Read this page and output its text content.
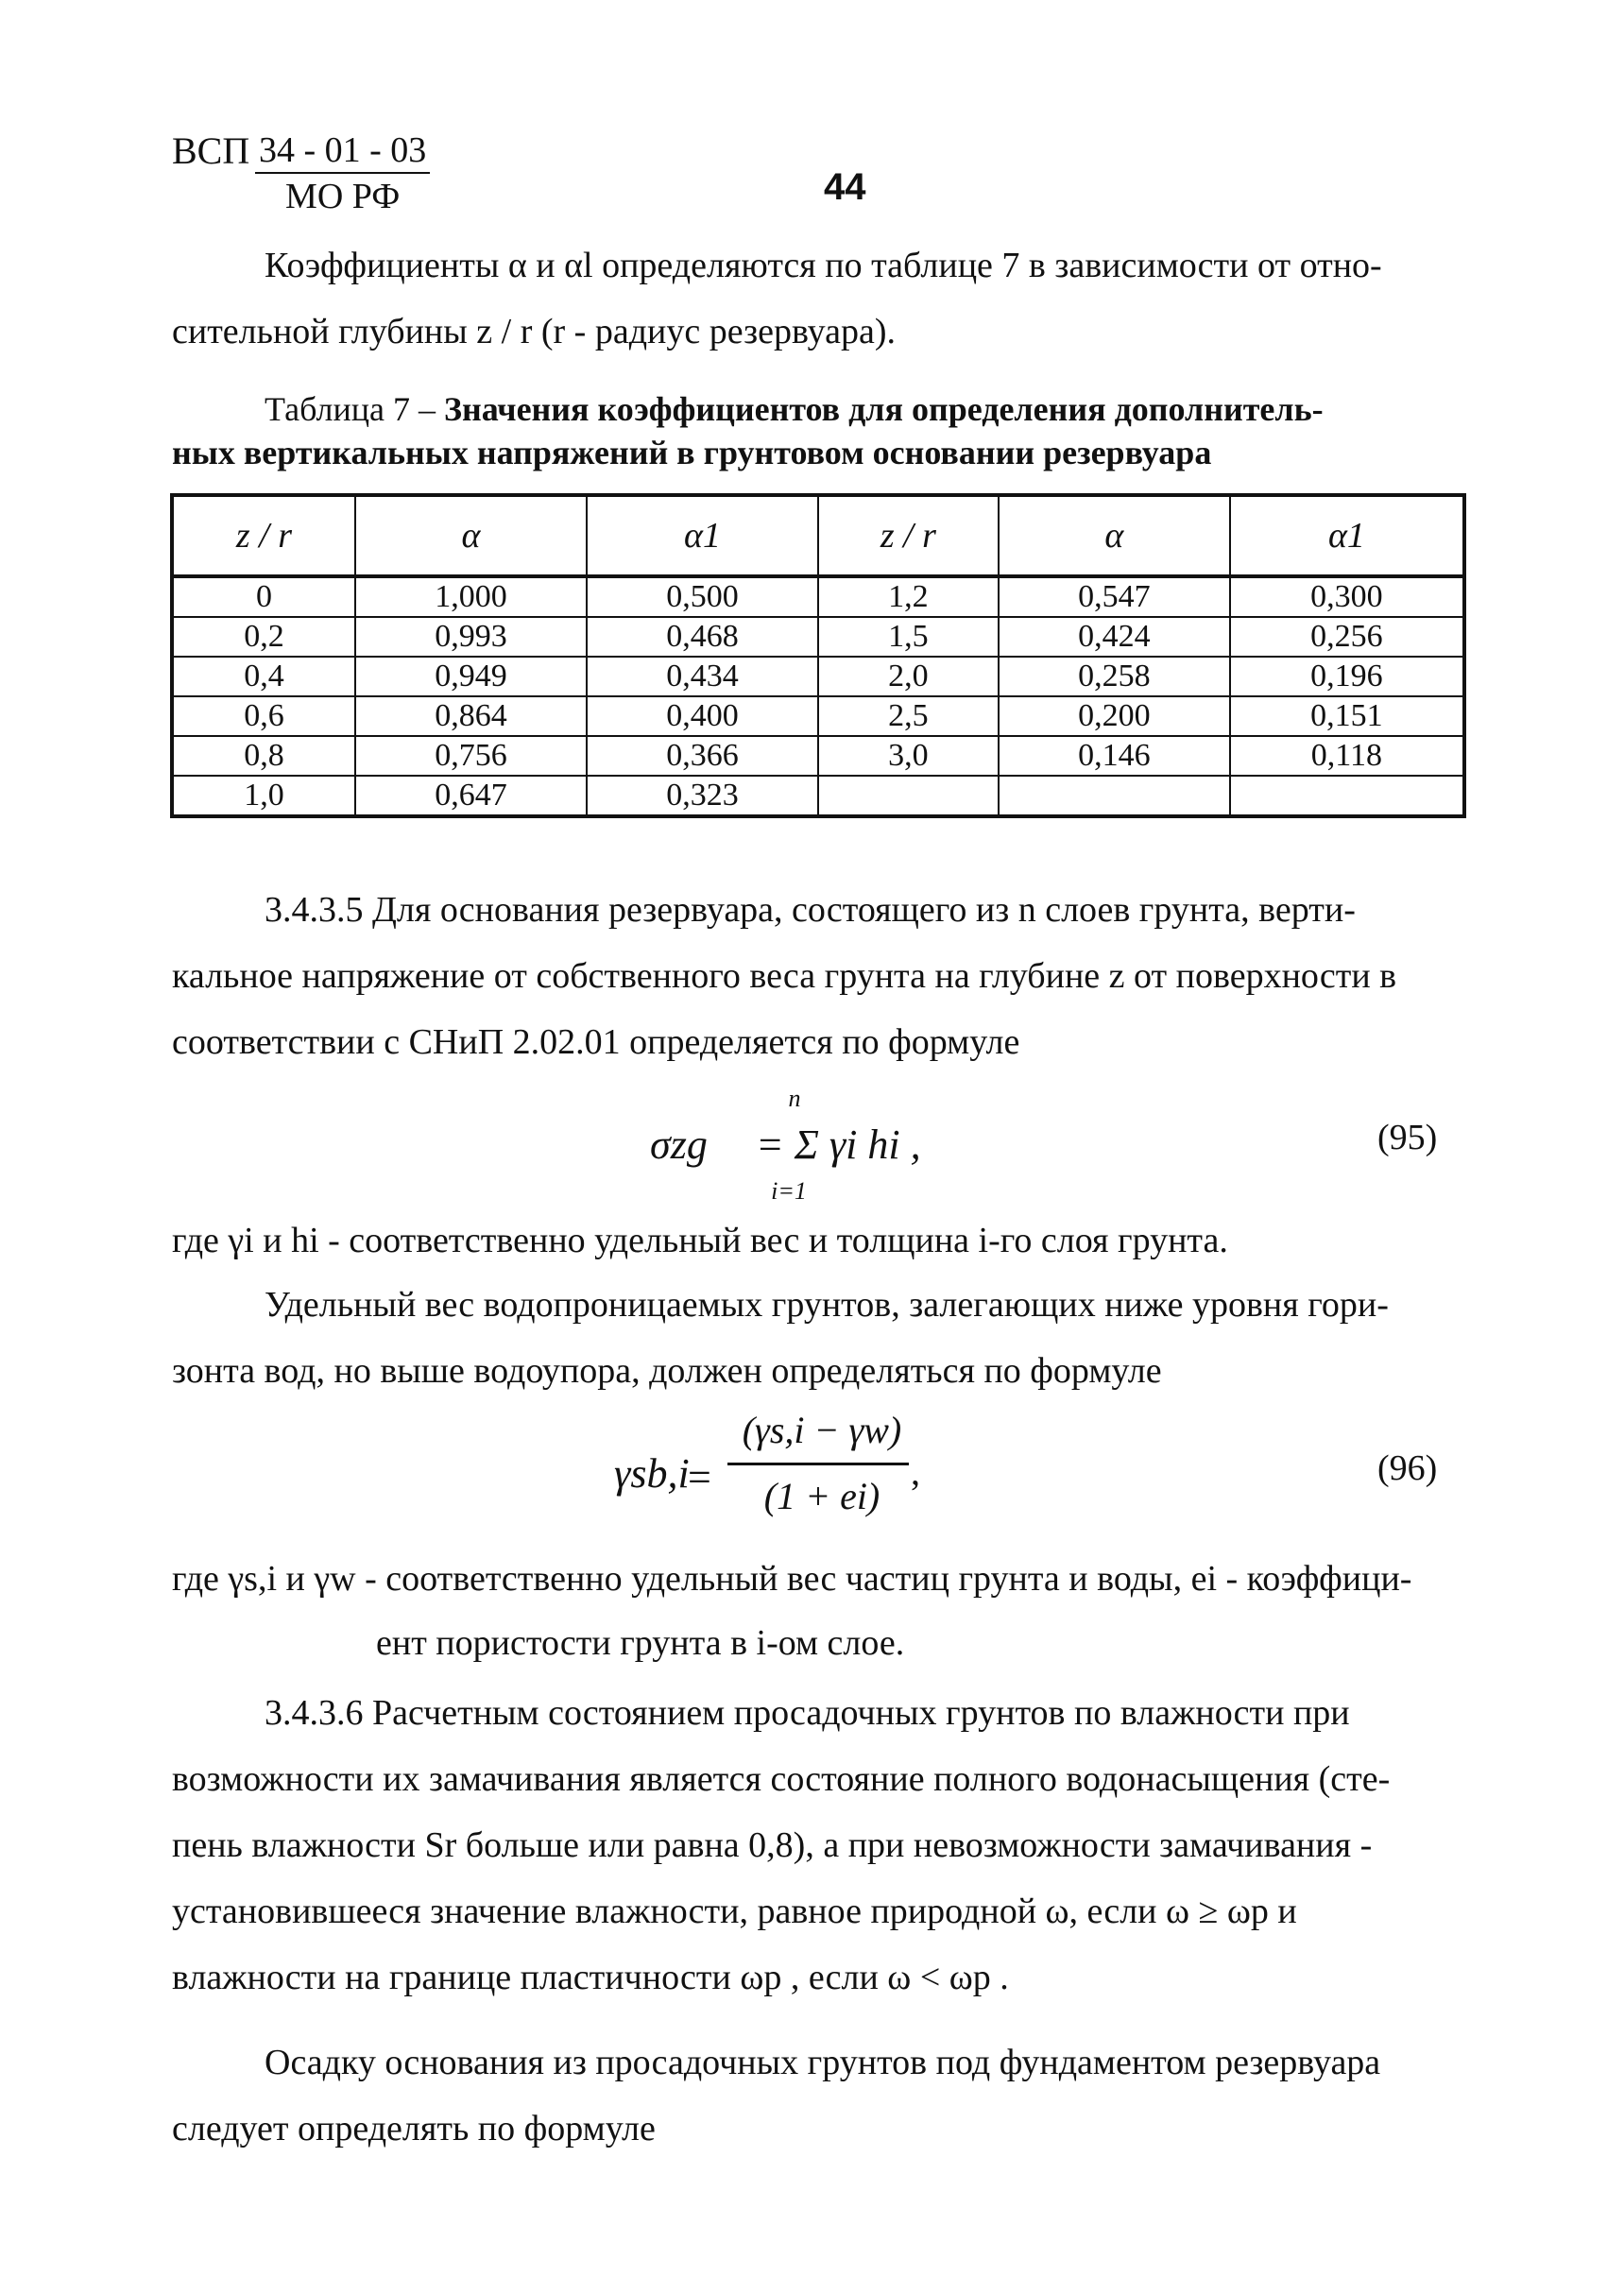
ВСП 34 - 01 - 03
МО РФ	44
Коэффициенты α и αl определяются по таблице 7 в зависимости от отно-
сительной глубины z / r (r - радиус резервуара).
Таблица 7 – Значения коэффициентов для определения дополнитель-
ных вертикальных напряжений в грунтовом основании резервуара
z / r	α	α1	z / r	α	α1
0	1,000	0,500	1,2	0,547	0,300
0,2	0,993	0,468	1,5	0,424	0,256
0,4	0,949	0,434	2,0	0,258	0,196
0,6	0,864	0,400	2,5	0,200	0,151
0,8	0,756	0,366	3,0	0,146	0,118
1,0	0,647	0,323			
3.4.3.5 Для основания резервуара, состоящего из n слоев грунта, верти-
кальное напряжение от собственного веса грунта на глубине z от поверхности в
соответствии с СНиП 2.02.01 определяется по формуле
σzg
n
= Σ γi hi ,
i=1
(95)
где γi и hi - соответственно удельный вес и толщина i-го слоя грунта.
Удельный вес водопроницаемых грунтов, залегающих ниже уровня гори-
зонта вод, но выше водоупора, должен определяться по формуле
γsb,i
=
(γs,i − γw)
(1 + ei)
,	(96)
где γs,i и γw - соответственно удельный вес частиц грунта и воды, ei - коэффици-
ент пористости грунта в i-ом слое.
3.4.3.6 Расчетным состоянием просадочных грунтов по влажности при
возможности их замачивания является состояние полного водонасыщения (сте-
пень влажности Sr больше или равна 0,8), а при невозможности замачивания -
установившееся значение влажности, равное природной ω, если ω ≥ ωp и
влажности на границе пластичности ωp , если ω < ωp .
Осадку основания из просадочных грунтов под фундаментом резервуара
следует определять по формуле
